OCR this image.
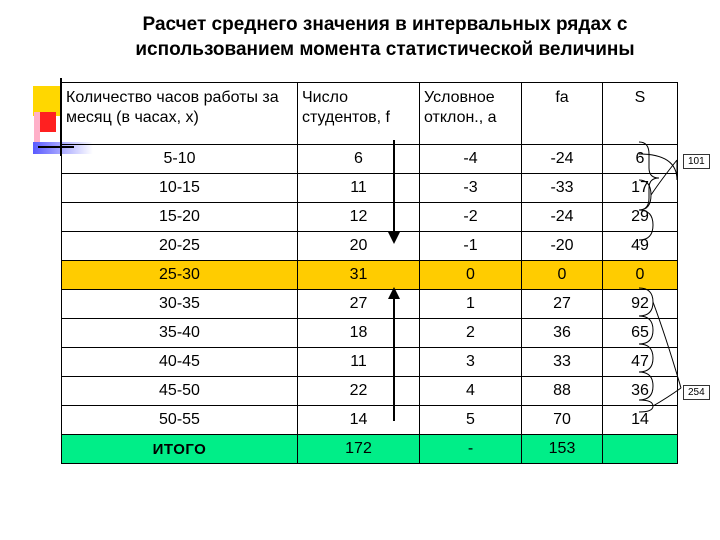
Расчет среднего значения в интервальных рядах с
использованием момента статистической величины
Количество часов работы за месяц (в часах, х)	Число студентов, f	Условное отклон., а	fa	S
5-10	6	-4	-24	6
10-15	11	-3	-33	17
15-20	12	-2	-24	29
20-25	20	-1	-20	49
25-30	31	0	0	0
30-35	27	1	27	92
35-40	18	2	36	65
40-45	11	3	33	47
45-50	22	4	88	36
50-55	14	5	70	14
ИТОГО	172	-	153	
101
254
